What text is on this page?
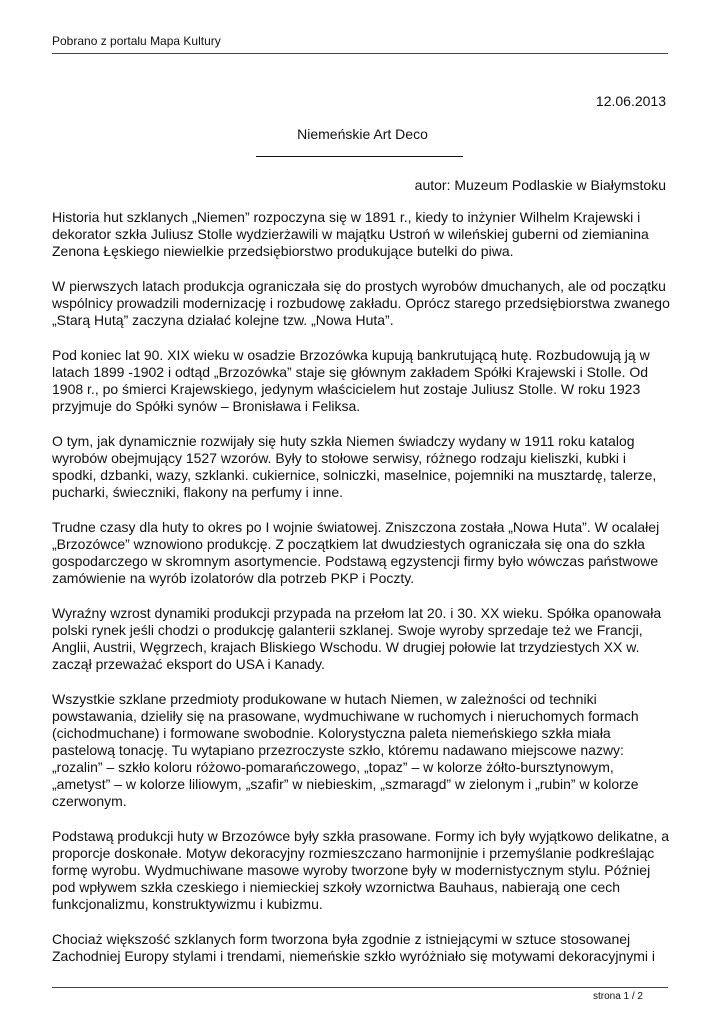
Pobrano z portalu Mapa Kultury
12.06.2013
Niemeńskie Art Deco
autor: Muzeum Podlaskie w Białymstoku

Historia hut szklanych „Niemen” rozpoczyna się w 1891 r., kiedy to inżynier Wilhelm Krajewski i dekorator szkła Juliusz Stolle wydzierżawili w majątku Ustroń w wileńskiej guberni od ziemianina Zenona Łęskiego niewielkie przedsiębiorstwo produkujące butelki do piwa.

W pierwszych latach produkcja ograniczała się do prostych wyrobów dmuchanych, ale od początku wspólnicy prowadzili modernizację i rozbudowę zakładu. Oprócz starego przedsiębiorstwa zwanego „Starą Hutą” zaczyna działać kolejne tzw. „Nowa Huta”.

Pod koniec lat 90. XIX wieku w osadzie Brzozówka kupują bankrutującą hutę. Rozbudowują ją w latach 1899 -1902 i odtąd „Brzozówka” staje się głównym zakładem Spółki Krajewski i Stolle. Od 1908 r., po śmierci Krajewskiego, jedynym właścicielem hut zostaje Juliusz Stolle. W roku 1923 przyjmuje do Spółki synów – Bronisława i Feliksa.

O tym, jak dynamicznie rozwijały się huty szkła Niemen świadczy wydany w 1911 roku katalog wyrobów obejmujący 1527 wzorów. Były to stołowe serwisy, różnego rodzaju kieliszki, kubki i spodki, dzbanki, wazy, szklanki. cukiernice, solniczki, maselnice, pojemniki na musztardę, talerze, pucharki, świeczniki, flakony na perfumy i inne.

Trudne czasy dla huty to okres po I wojnie światowej. Zniszczona została „Nowa Huta”. W ocalałej „Brzozówce” wznowiono produkcję. Z początkiem lat dwudziestych ograniczała się ona do szkła gospodarczego w skromnym asortymencie. Podstawą egzystencji firmy było wówczas państwowe zamówienie na wyrób izolatorów dla potrzeb PKP i Poczty.

Wyraźny wzrost dynamiki produkcji przypada na przełom lat 20. i 30. XX wieku. Spółka opanowała polski rynek jeśli chodzi o produkcję galanterii szklanej. Swoje wyroby sprzedaje też we Francji, Anglii, Austrii, Węgrzech, krajach Bliskiego Wschodu. W drugiej połowie lat trzydziestych XX w. zaczął przeważać eksport do USA i Kanady.

Wszystkie szklane przedmioty produkowane w hutach Niemen, w zależności od techniki powstawania, dzieliły się na prasowane, wydmuchiwane w ruchomych i nieruchomych formach (cichodmuchane) i formowane swobodnie. Kolorystyczna paleta niemeńskiego szkła miała pastelową tonację. Tu wytapiano przezroczyste szkło, któremu nadawano miejscowe nazwy: „rozalin” – szkło koloru różowo-pomarańczowego, „topaz” – w kolorze żółto-bursztynowym, „ametyst” – w kolorze liliowym, „szafir” w niebieskim, „szmaragd” w zielonym i „rubin” w kolorze czerwonym.

Podstawą produkcji huty w Brzozówce były szkła prasowane. Formy ich były wyjątkowo delikatne, a proporcje doskonałe. Motyw dekoracyjny rozmieszczano harmonijnie i przemyślanie podkreślając formę wyrobu. Wydmuchiwane masowe wyroby tworzone były w modernistycznym stylu. Później pod wpływem szkła czeskiego i niemieckiej szkoły wzornictwa Bauhaus, nabierają one cech funkcjonalizmu, konstruktywizmu i kubizmu.

Chociaż większość szklanych form tworzona była zgodnie z istniejącymi w sztuce stosowanej Zachodniej Europy stylami i trendami, niemeńskie szkło wyróżniało się motywami dekoracyjnymi i

strona 1 / 2
